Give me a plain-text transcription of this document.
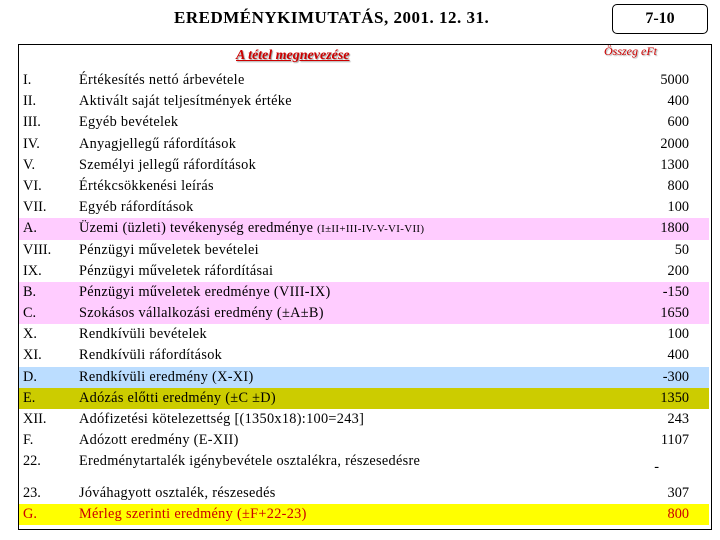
EREDMÉNYKIMUTATÁS, 2001. 12. 31.	7-10
A tétel megnevezése	Összeg eFt
I.	Értékesítés nettó árbevétele	5000
II.	Aktivált saját teljesítmények értéke	400
III.	Egyéb bevételek	600
IV.	Anyagjellegű ráfordítások	2000
V.	Személyi jellegű ráfordítások	1300
VI.	Értékcsökkenési leírás	800
VII. Egyéb ráfordítások	100
A.	Üzemi (üzleti) tevékenység eredménye (I±II+III-IV-V-VI-VII)	1800
VIII. Pénzügyi műveletek bevételei	50
IX.	Pénzügyi műveletek ráfordításai	200
B.	Pénzügyi műveletek eredménye (VIII-IX)	-150
C.	Szokásos vállalkozási eredmény (±A±B)	1650
X.	Rendkívüli bevételek	100
XI.	Rendkívüli ráfordítások	400
D.	Rendkívüli eredmény (X-XI)	-300
E.	Adózás előtti eredmény (±C ±D)	1350
XII. Adófizetési kötelezettség [(1350x18):100=243]	243
F.	Adózott eredmény (E-XII)	1107
22.	Eredménytartalék igénybevétele osztalékra, részesedésre	-
23.	Jóváhagyott osztalék, részesedés	307
G.	Mérleg szerinti eredmény (±F+22-23)	800
